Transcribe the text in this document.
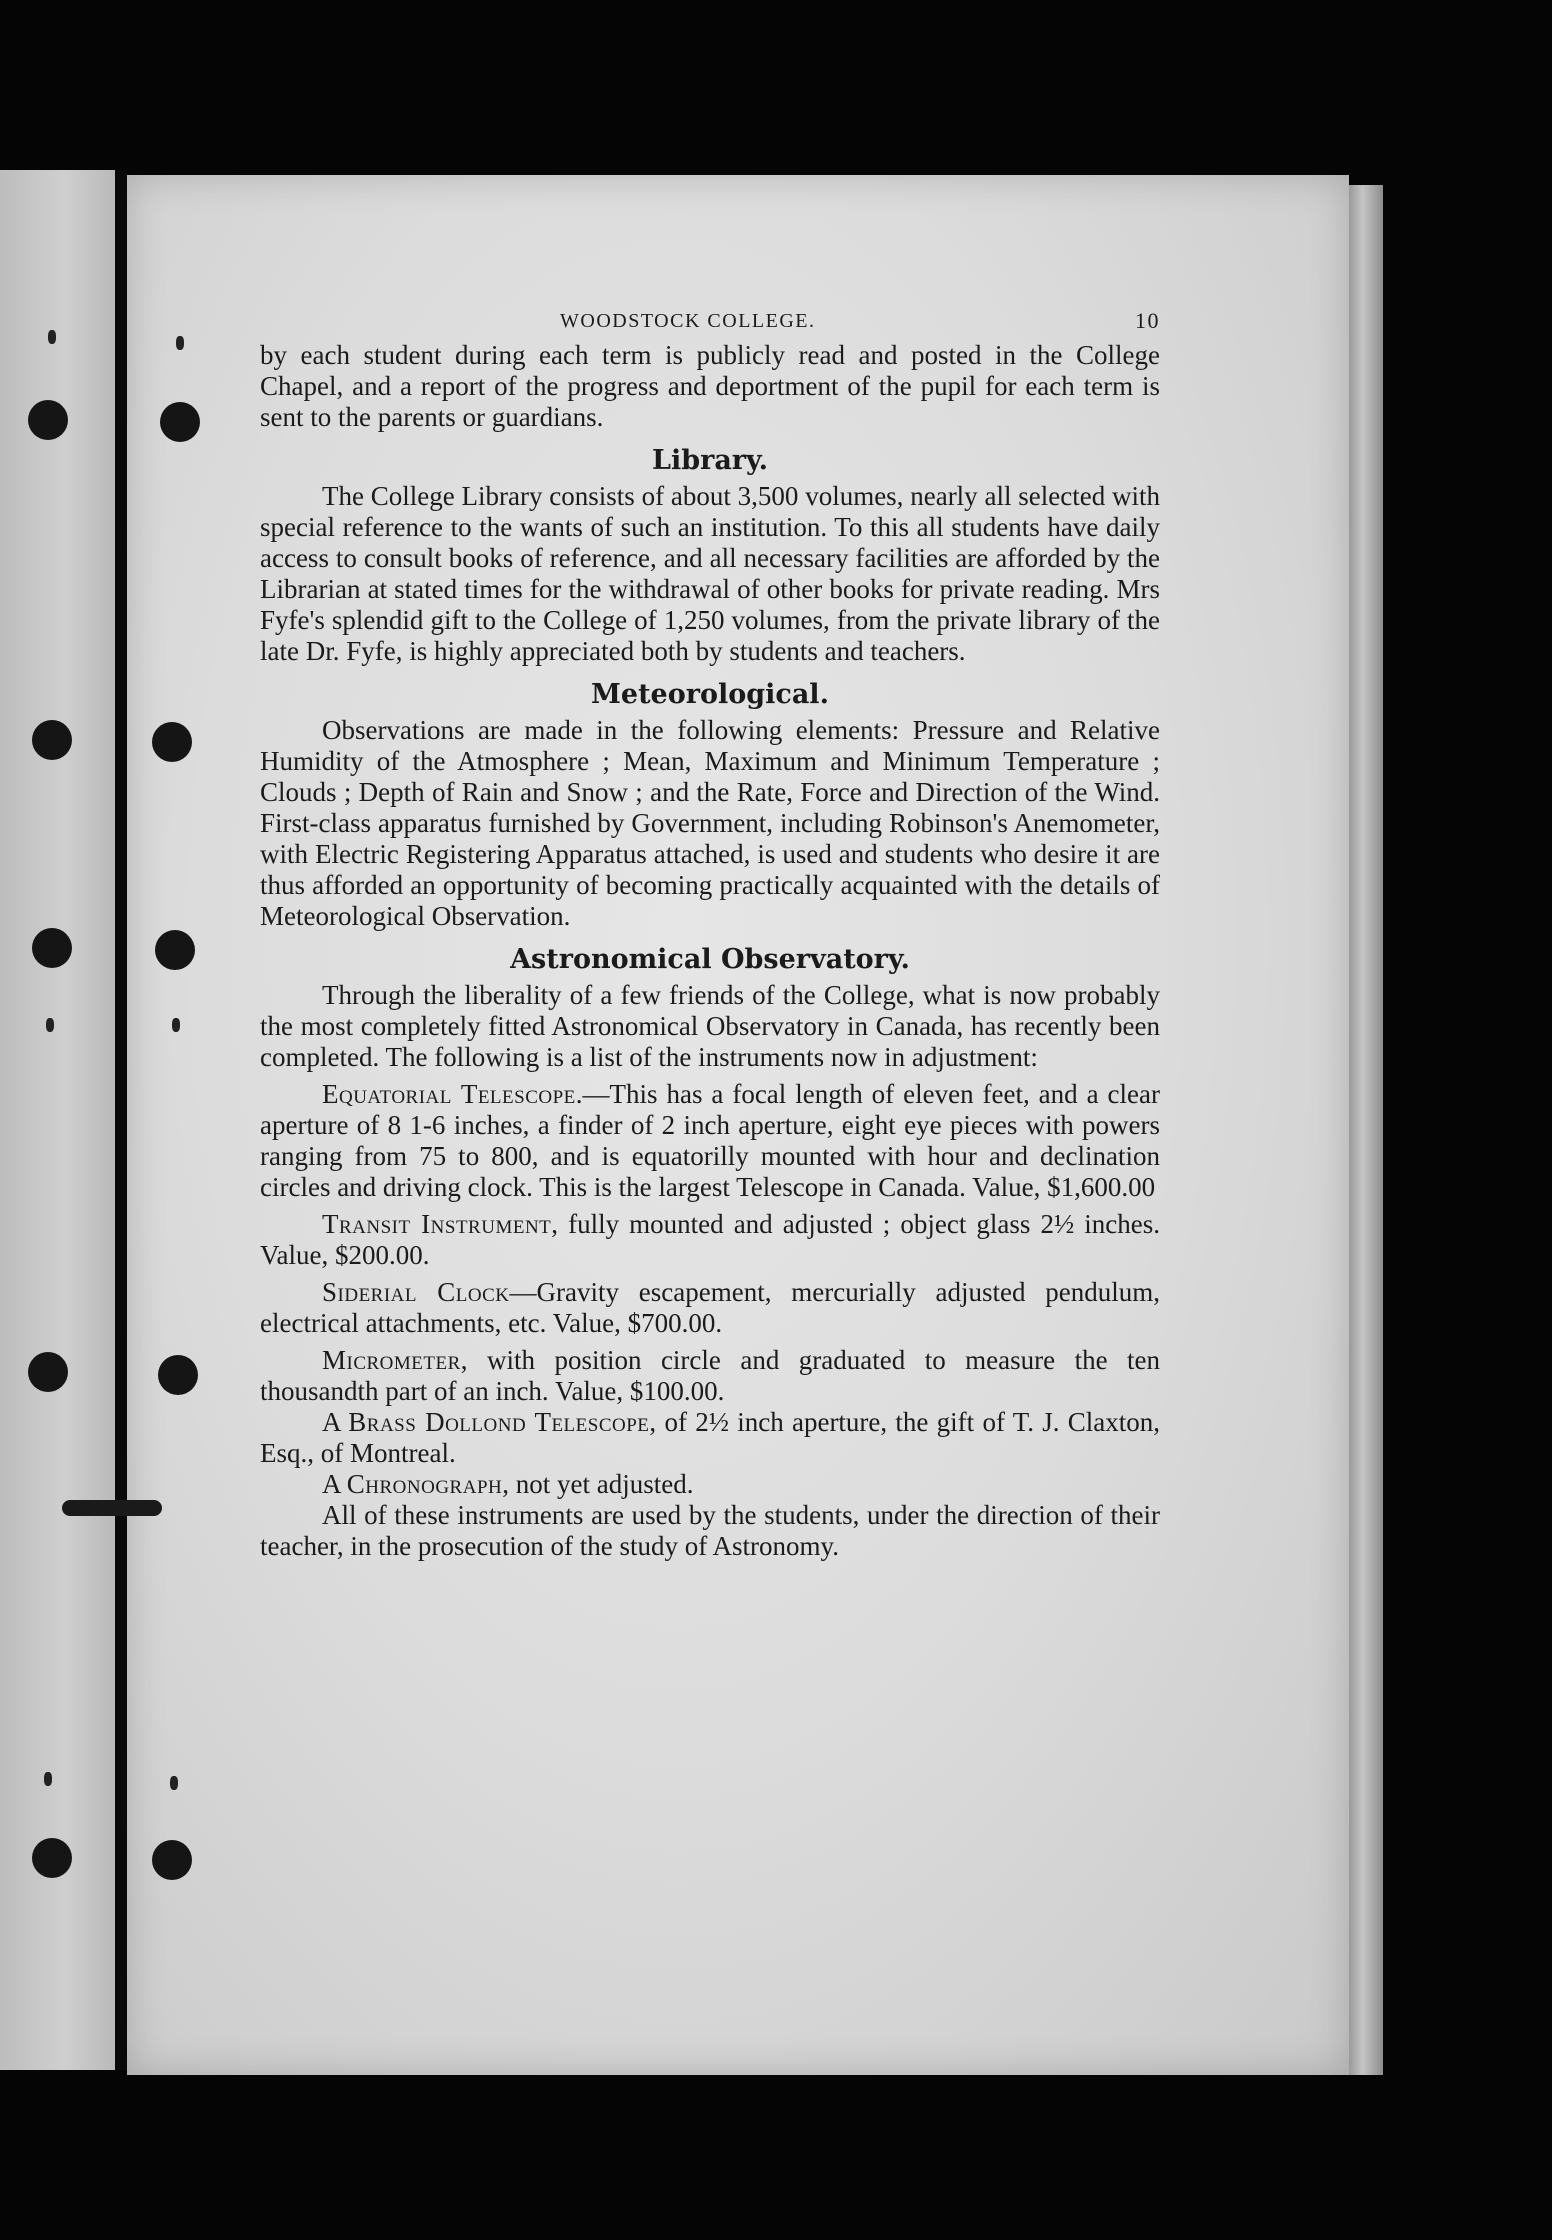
WOODSTOCK COLLEGE.	10

by each student during each term is publicly read and posted in the College Chapel, and a report of the progress and deportment of the pupil for each term is sent to the parents or guardians.

Library.

The College Library consists of about 3,500 volumes, nearly all selected with special reference to the wants of such an institution. To this all students have daily access to consult books of reference, and all necessary facilities are afforded by the Librarian at stated times for the withdrawal of other books for private reading. Mrs Fyfe's splendid gift to the College of 1,250 volumes, from the private library of the late Dr. Fyfe, is highly appreciated both by students and teachers.

Meteorological.

Observations are made in the following elements: Pressure and Relative Humidity of the Atmosphere ; Mean, Maximum and Minimum Temperature ; Clouds ; Depth of Rain and Snow ; and the Rate, Force and Direction of the Wind. First-class apparatus furnished by Government, including Robinson's Anemometer, with Electric Registering Apparatus attached, is used and students who desire it are thus afforded an opportunity of becoming practically acquainted with the details of Meteorological Observation.

Astronomical Observatory.

Through the liberality of a few friends of the College, what is now probably the most completely fitted Astronomical Observatory in Canada, has recently been completed. The following is a list of the instruments now in adjustment:

Equatorial Telescope.—This has a focal length of eleven feet, and a clear aperture of 8 1-6 inches, a finder of 2 inch aperture, eight eye pieces with powers ranging from 75 to 800, and is equatorilly mounted with hour and declination circles and driving clock. This is the largest Telescope in Canada. Value, $1,600.00

Transit Instrument, fully mounted and adjusted ; object glass 2½ inches. Value, $200.00.

Siderial Clock—Gravity escapement, mercurially adjusted pendulum, electrical attachments, etc. Value, $700.00.

Micrometer, with position circle and graduated to measure the ten thousandth part of an inch. Value, $100.00.

A Brass Dollond Telescope, of 2½ inch aperture, the gift of T. J. Claxton, Esq., of Montreal.

A Chronograph, not yet adjusted.

All of these instruments are used by the students, under the direction of their teacher, in the prosecution of the study of Astronomy.
